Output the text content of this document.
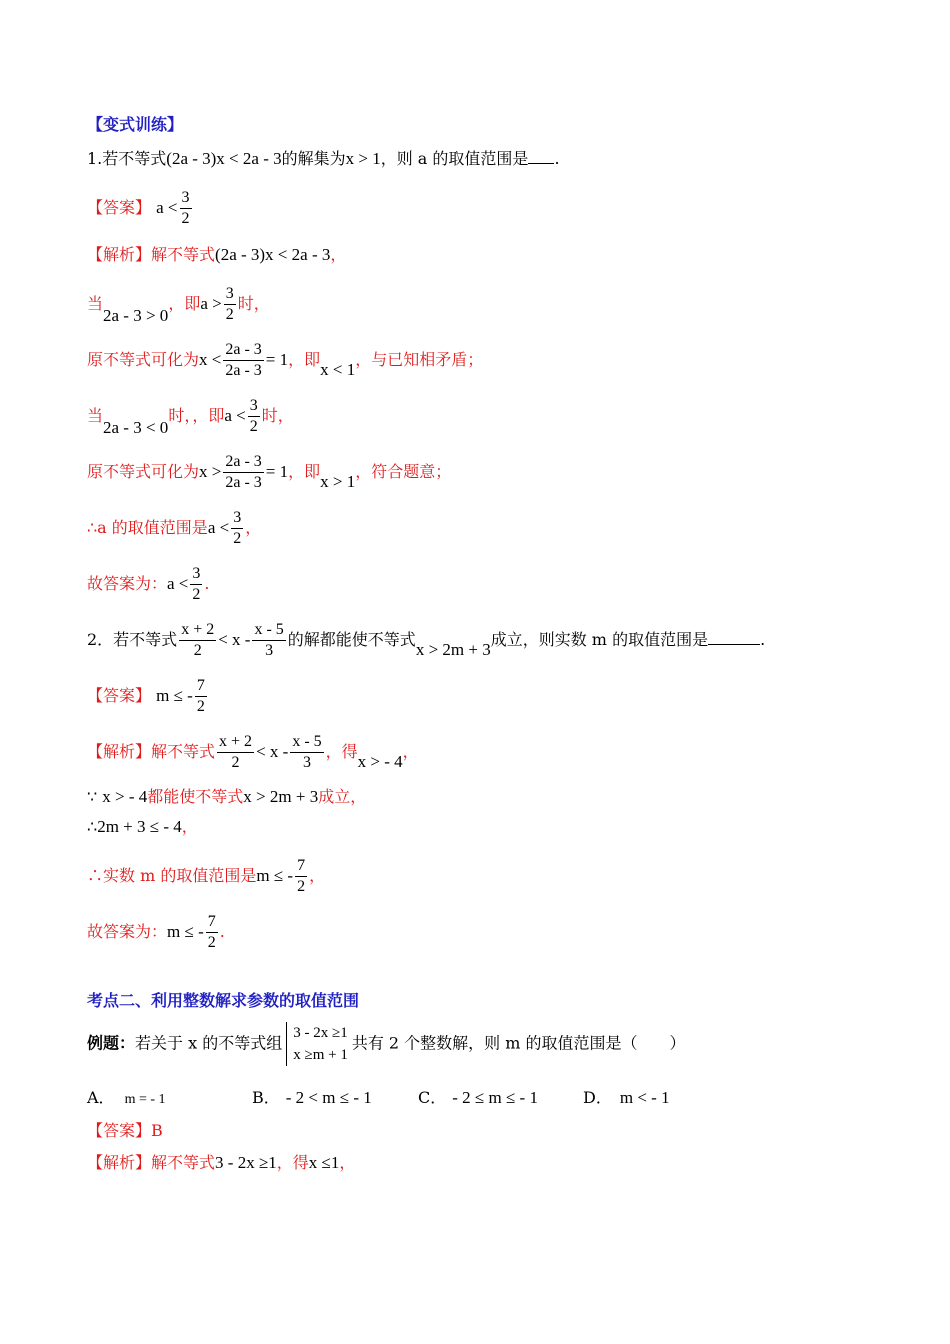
【变式训练】
1.若不等式(2a - 3)x < 2a - 3的解集为x > 1，则 a 的取值范围是 .
【答案】 $a < \frac{3}{2}$
【解析】解不等式(2a - 3)x < 2a - 3，
当2a - 3 > 0，即$a > \frac{3}{2}$ 时，
原不等式可化为$x < \frac{2a - 3}{2a - 3} = 1$，即x < 1，与已知相矛盾；
当2a - 3 < 0时，，即$a < \frac{3}{2}$ 时，
原不等式可化为$x > \frac{2a - 3}{2a - 3} = 1$，即x > 1，符合题意；
∴a 的取值范围是$a < \frac{3}{2}$ ，
故答案为：$a < \frac{3}{2}$ .
2．若不等式 $\frac{x + 2}{2} < x - \frac{x - 5}{3}$ 的解都能使不等式x > 2m + 3成立，则实数 m 的取值范围是	.
【答案】 m ≤ - $\frac{7}{2}$
【解析】解不等式 $\frac{x + 2}{2} < x - \frac{x - 5}{3}$ ，得x > - 4，
∵ x > - 4都能使不等式x > 2m + 3成立，
∴2m + 3 ≤ - 4，
∴实数 m 的取值范围是m ≤ - $\frac{7}{2}$ ，
故答案为：m ≤ - $\frac{7}{2}$ .
考点二、利用整数解求参数的取值范围
例题：若关于 x 的不等式组
3 - 2x ≥1
x ≥m + 1
共有 2 个整数解，则 m 的取值范围是（　　）
A． m = - 1	B． - 2 < m ≤ - 1	C． - 2 ≤ m ≤ - 1	D． m < - 1
【答案】B
【解析】解不等式3 - 2x ≥1，得x ≤1，
